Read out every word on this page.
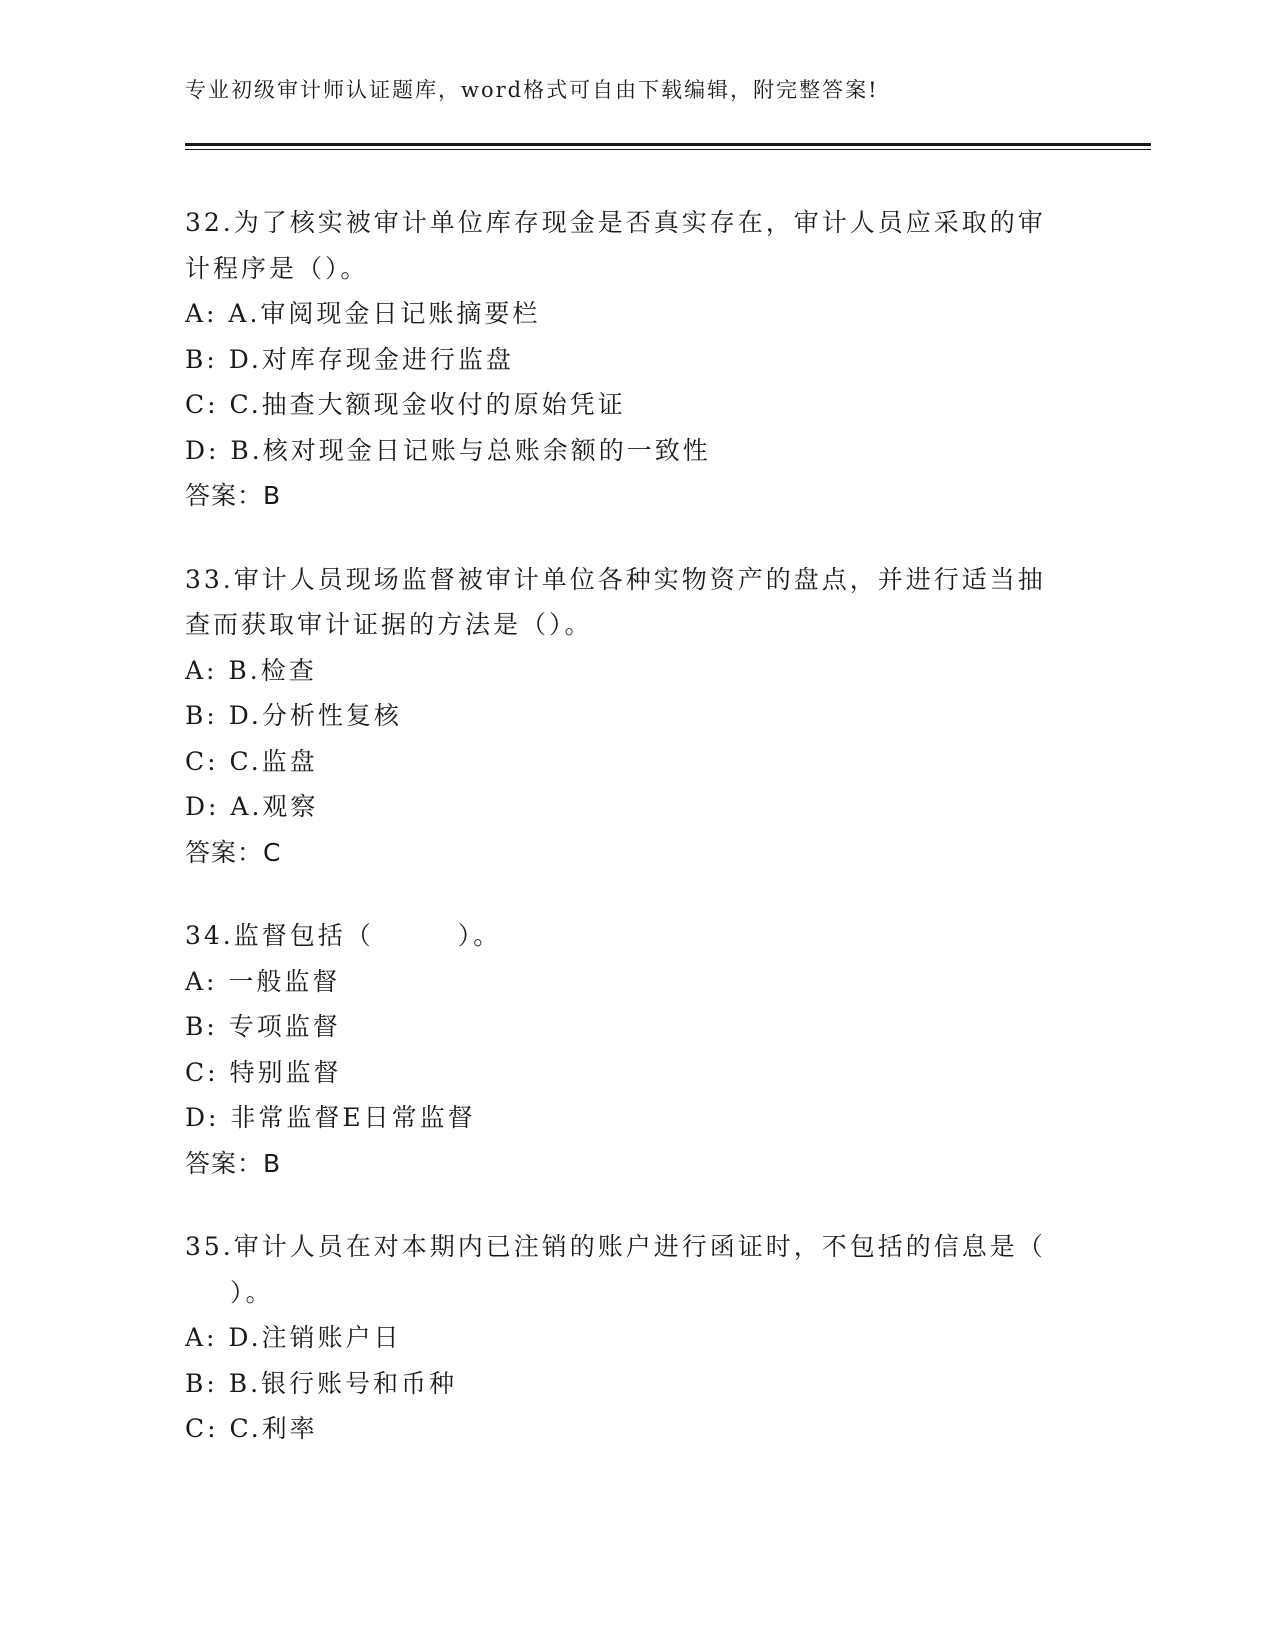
专业初级审计师认证题库，word格式可自由下载编辑，附完整答案!
32.为了核实被审计单位库存现金是否真实存在，审计人员应采取的审
计程序是（）。
A: A.审阅现金日记账摘要栏
B: D.对库存现金进行监盘
C: C.抽查大额现金收付的原始凭证
D: B.核对现金日记账与总账余额的一致性
答案：B
33.审计人员现场监督被审计单位各种实物资产的盘点，并进行适当抽
查而获取审计证据的方法是（）。
A: B.检查
B: D.分析性复核
C: C.监盘
D: A.观察
答案：C
34.监督包括（　　　）。
A: 一般监督
B: 专项监督
C: 特别监督
D: 非常监督E日常监督
答案：B
35.审计人员在对本期内已注销的账户进行函证时，不包括的信息是（
）。
A: D.注销账户日
B: B.银行账号和币种
C: C.利率
